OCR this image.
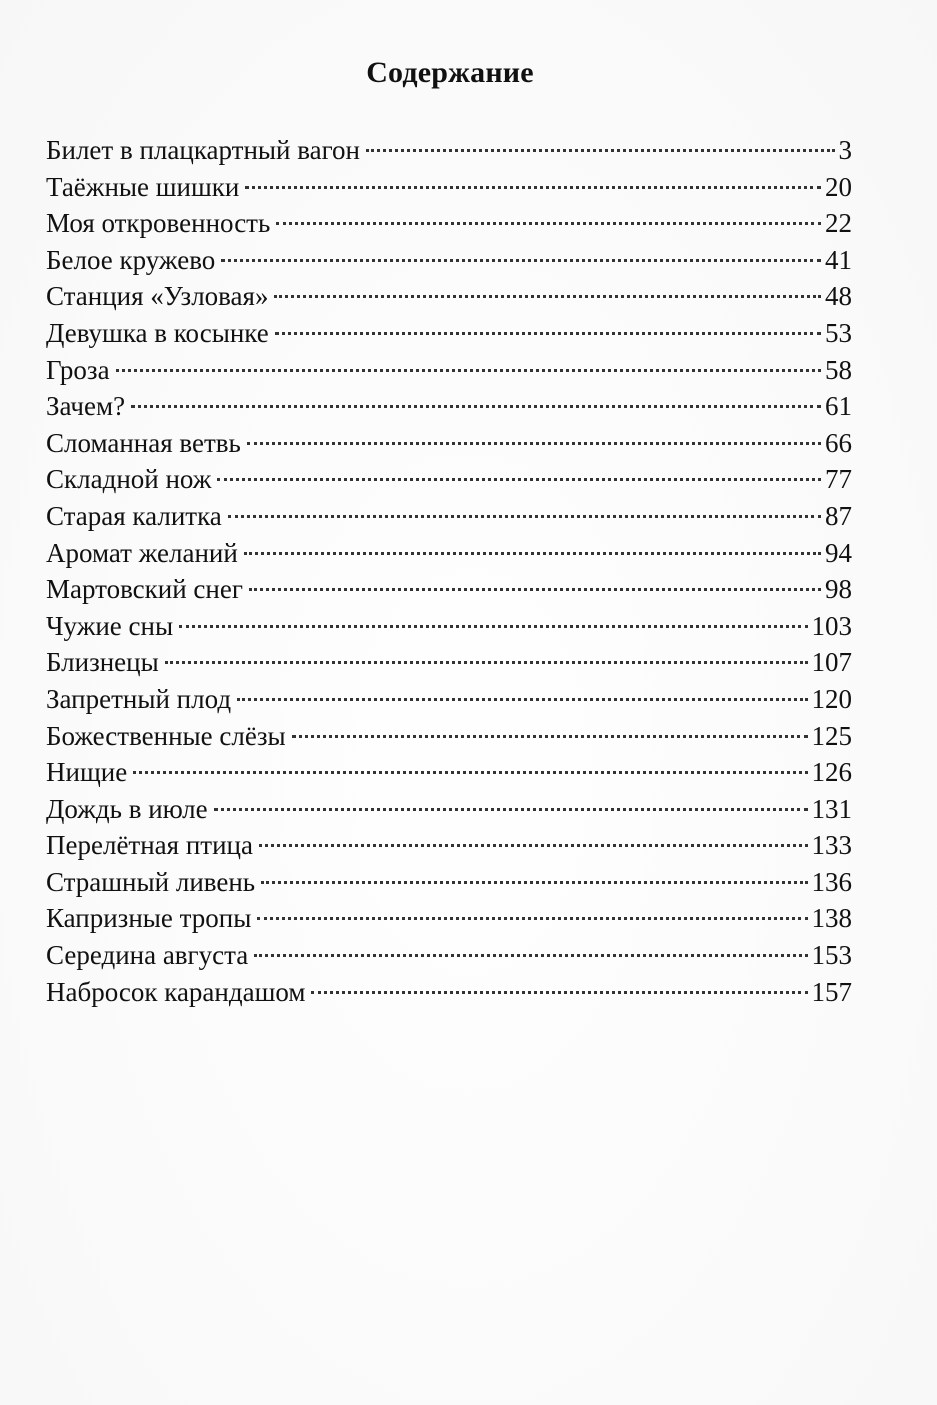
Содержание
Билет в плацкартный вагон	3
Таёжные шишки	20
Моя откровенность	22
Белое кружево	41
Станция «Узловая»	48
Девушка в косынке	53
Гроза	58
Зачем?	61
Сломанная ветвь	66
Складной нож	77
Старая калитка	87
Аромат желаний	94
Мартовский снег	98
Чужие сны	103
Близнецы	107
Запретный плод	120
Божественные слёзы	125
Нищие	126
Дождь в июле	131
Перелётная птица	133
Страшный ливень	136
Капризные тропы	138
Середина августа	153
Набросок карандашом	157
